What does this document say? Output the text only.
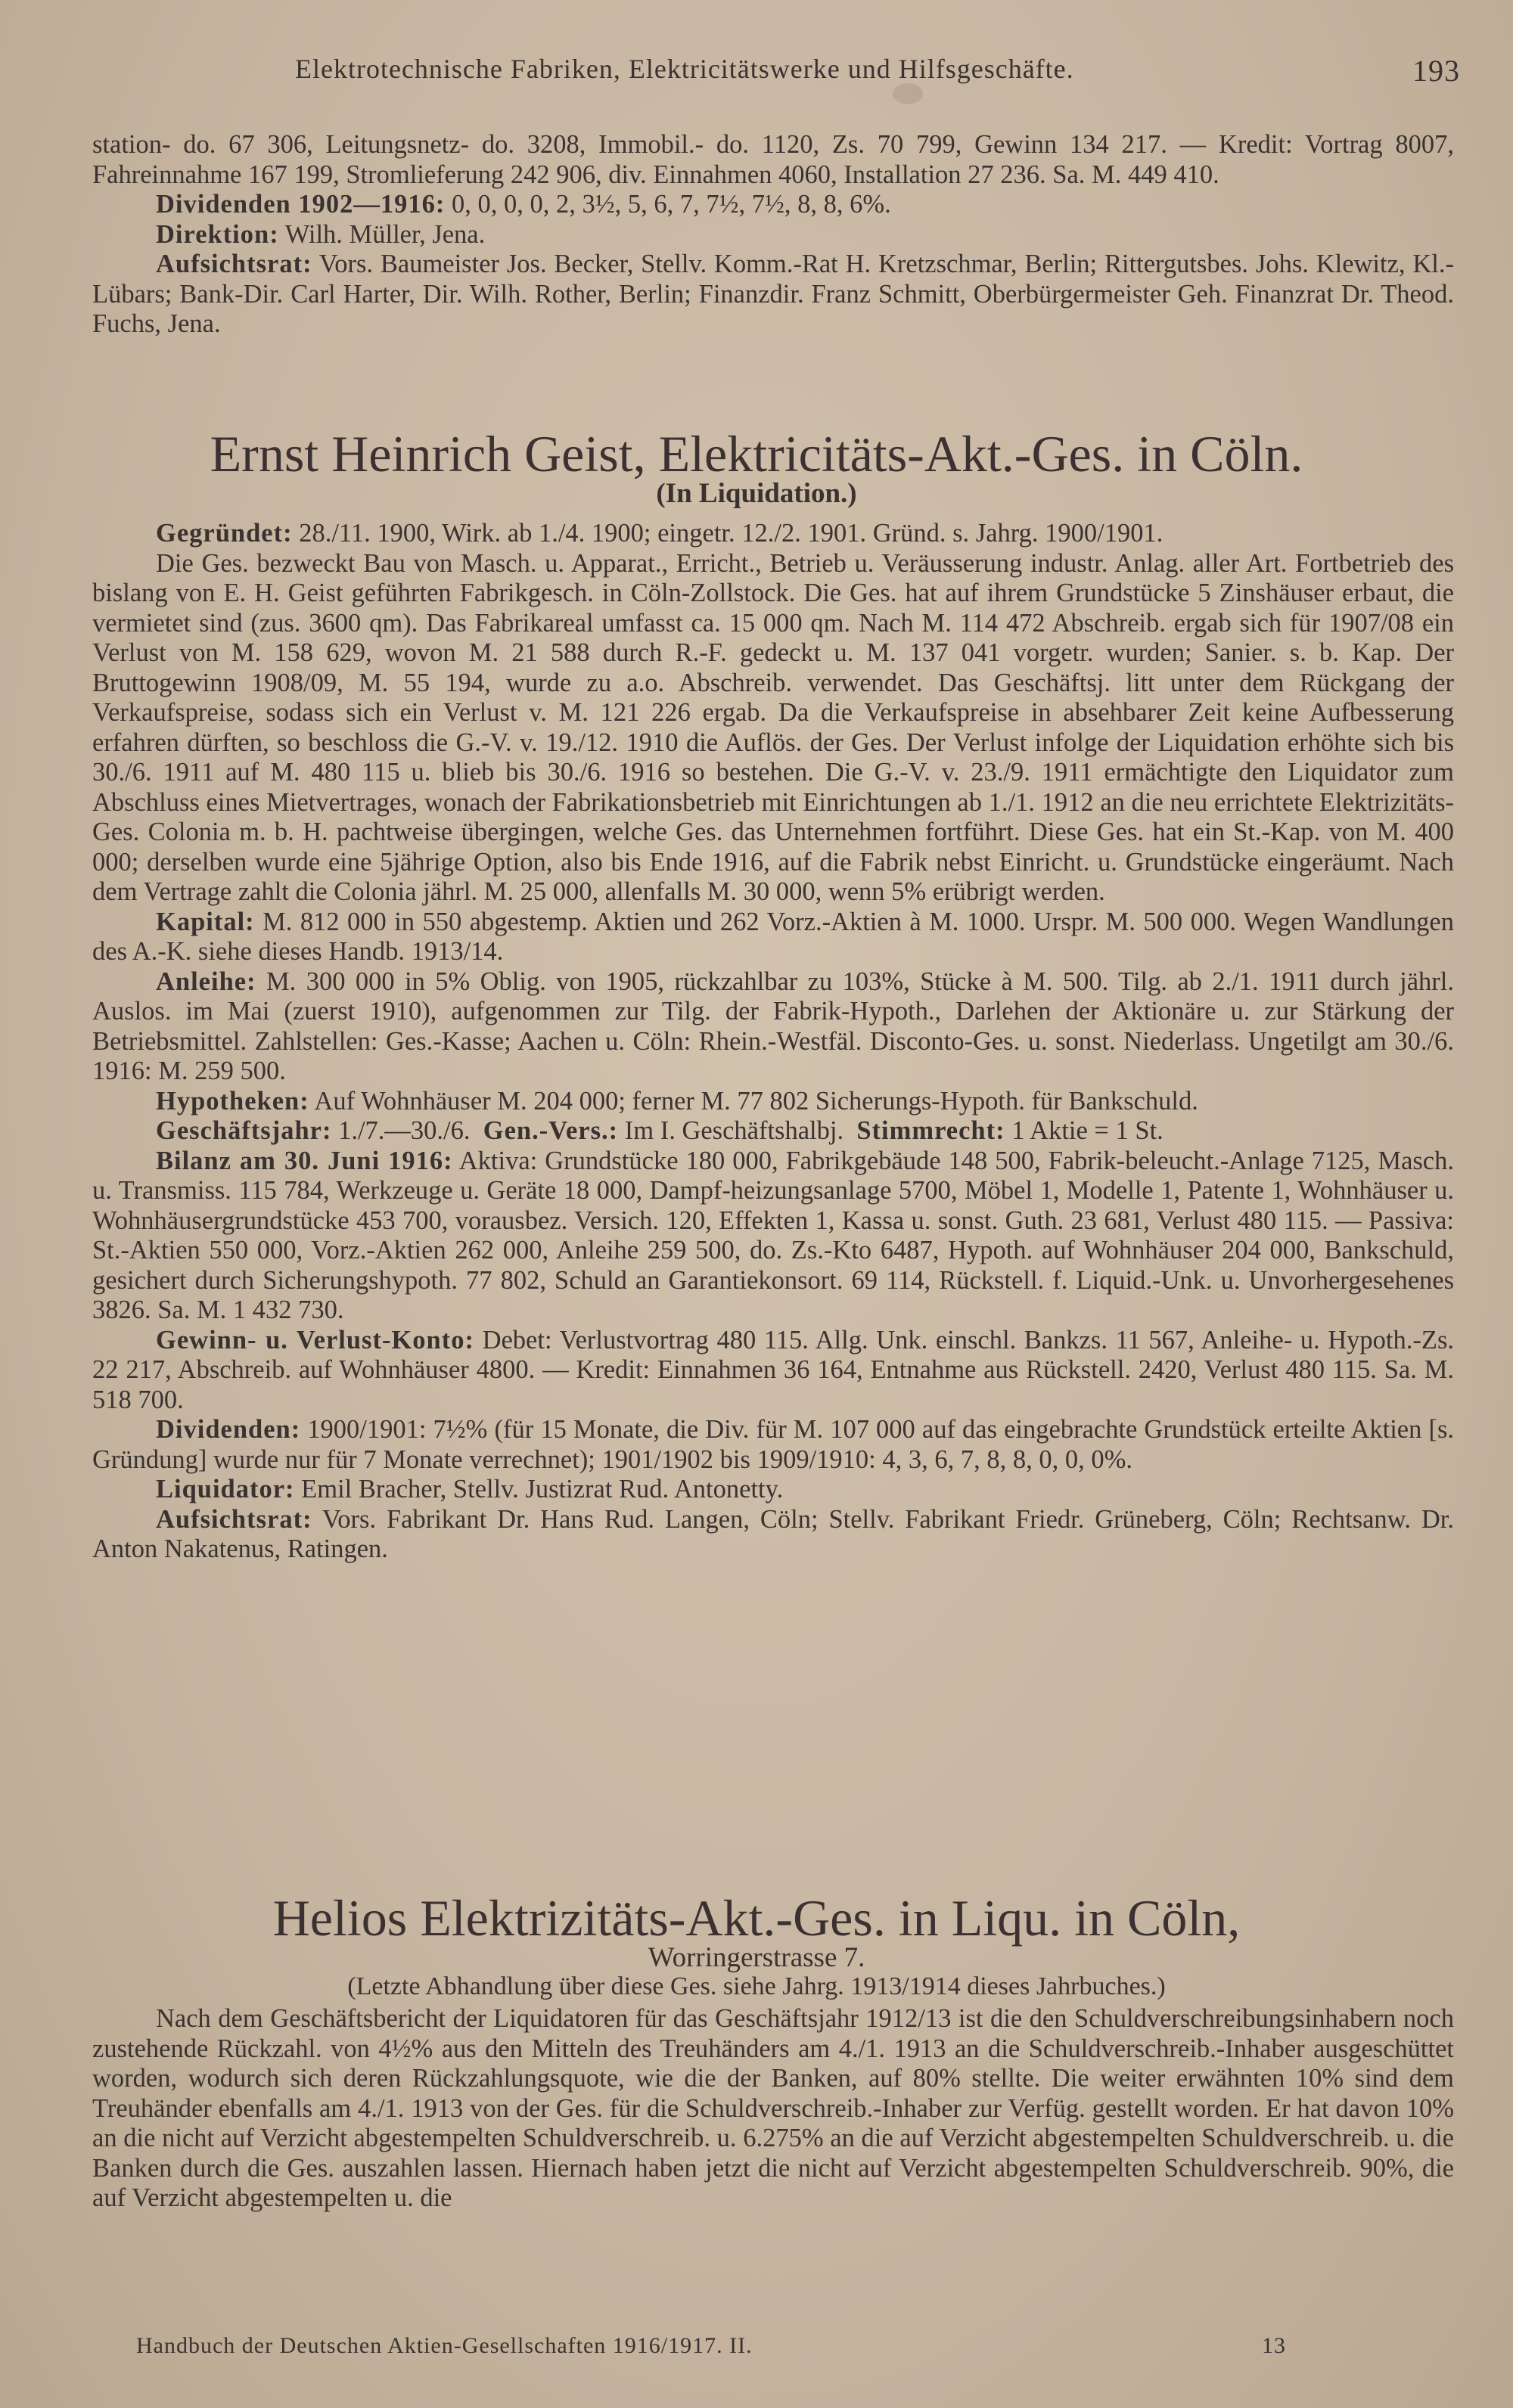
Elektrotechnische Fabriken, Elektricitätswerke und Hilfsgeschäfte.	193

station- do. 67 306, Leitungsnetz- do. 3208, Immobil.- do. 1120, Zs. 70 799, Gewinn 134 217. — Kredit: Vortrag 8007, Fahreinnahme 167 199, Stromlieferung 242 906, div. Einnahmen 4060, Installation 27 236. Sa. M. 449 410.

Dividenden 1902—1916: 0, 0, 0, 0, 2, 3½, 5, 6, 7, 7½, 7½, 8, 8, 6%.

Direktion: Wilh. Müller, Jena.

Aufsichtsrat: Vors. Baumeister Jos. Becker, Stellv. Komm.-Rat H. Kretzschmar, Berlin; Rittergutsbes. Johs. Klewitz, Kl.-Lübars; Bank-Dir. Carl Harter, Dir. Wilh. Rother, Berlin; Finanzdir. Franz Schmitt, Oberbürgermeister Geh. Finanzrat Dr. Theod. Fuchs, Jena.

Ernst Heinrich Geist, Elektricitäts-Akt.-Ges. in Cöln.
(In Liquidation.)

Gegründet: 28./11. 1900, Wirk. ab 1./4. 1900; eingetr. 12./2. 1901. Gründ. s. Jahrg. 1900/1901.

Die Ges. bezweckt Bau von Masch. u. Apparat., Erricht., Betrieb u. Veräusserung industr. Anlag. aller Art. Fortbetrieb des bislang von E. H. Geist geführten Fabrikgesch. in Cöln-Zollstock. Die Ges. hat auf ihrem Grundstücke 5 Zinshäuser erbaut, die vermietet sind (zus. 3600 qm). Das Fabrikareal umfasst ca. 15 000 qm. Nach M. 114 472 Abschreib. ergab sich für 1907/08 ein Verlust von M. 158 629, wovon M. 21 588 durch R.-F. gedeckt u. M. 137 041 vorgetr. wurden; Sanier. s. b. Kap. Der Bruttogewinn 1908/09, M. 55 194, wurde zu a.o. Abschreib. verwendet. Das Geschäftsj. litt unter dem Rückgang der Verkaufspreise, sodass sich ein Verlust v. M. 121 226 ergab. Da die Verkaufspreise in absehbarer Zeit keine Aufbesserung erfahren dürften, so beschloss die G.-V. v. 19./12. 1910 die Auflös. der Ges. Der Verlust infolge der Liquidation erhöhte sich bis 30./6. 1911 auf M. 480 115 u. blieb bis 30./6. 1916 so bestehen. Die G.-V. v. 23./9. 1911 ermächtigte den Liquidator zum Abschluss eines Mietvertrages, wonach der Fabrikationsbetrieb mit Einrichtungen ab 1./1. 1912 an die neu errichtete Elektrizitäts-Ges. Colonia m. b. H. pachtweise übergingen, welche Ges. das Unternehmen fortführt. Diese Ges. hat ein St.-Kap. von M. 400 000; derselben wurde eine 5jährige Option, also bis Ende 1916, auf die Fabrik nebst Einricht. u. Grundstücke eingeräumt. Nach dem Vertrage zahlt die Colonia jährl. M. 25 000, allenfalls M. 30 000, wenn 5% erübrigt werden.

Kapital: M. 812 000 in 550 abgestemp. Aktien und 262 Vorz.-Aktien à M. 1000. Urspr. M. 500 000. Wegen Wandlungen des A.-K. siehe dieses Handb. 1913/14.

Anleihe: M. 300 000 in 5% Oblig. von 1905, rückzahlbar zu 103%, Stücke à M. 500. Tilg. ab 2./1. 1911 durch jährl. Auslos. im Mai (zuerst 1910), aufgenommen zur Tilg. der Fabrik-Hypoth., Darlehen der Aktionäre u. zur Stärkung der Betriebsmittel. Zahlstellen: Ges.-Kasse; Aachen u. Cöln: Rhein.-Westfäl. Disconto-Ges. u. sonst. Niederlass. Ungetilgt am 30./6. 1916: M. 259 500.

Hypotheken: Auf Wohnhäuser M. 204 000; ferner M. 77 802 Sicherungs-Hypoth. für Bankschuld.

Geschäftsjahr: 1./7.—30./6. Gen.-Vers.: Im I. Geschäftshalbj. Stimmrecht: 1 Aktie = 1 St.

Bilanz am 30. Juni 1916: Aktiva: Grundstücke 180 000, Fabrikgebäude 148 500, Fabrik-beleucht.-Anlage 7125, Masch. u. Transmiss. 115 784, Werkzeuge u. Geräte 18 000, Dampf-heizungsanlage 5700, Möbel 1, Modelle 1, Patente 1, Wohnhäuser u. Wohnhäusergrundstücke 453 700, vorausbez. Versich. 120, Effekten 1, Kassa u. sonst. Guth. 23 681, Verlust 480 115. — Passiva: St.-Aktien 550 000, Vorz.-Aktien 262 000, Anleihe 259 500, do. Zs.-Kto 6487, Hypoth. auf Wohnhäuser 204 000, Bankschuld, gesichert durch Sicherungshypoth. 77 802, Schuld an Garantiekonsort. 69 114, Rückstell. f. Liquid.-Unk. u. Unvorhergesehenes 3826. Sa. M. 1 432 730.

Gewinn- u. Verlust-Konto: Debet: Verlustvortrag 480 115. Allg. Unk. einschl. Bankzs. 11 567, Anleihe- u. Hypoth.-Zs. 22 217, Abschreib. auf Wohnhäuser 4800. — Kredit: Einnahmen 36 164, Entnahme aus Rückstell. 2420, Verlust 480 115. Sa. M. 518 700.

Dividenden: 1900/1901: 7½% (für 15 Monate, die Div. für M. 107 000 auf das eingebrachte Grundstück erteilte Aktien [s. Gründung] wurde nur für 7 Monate verrechnet); 1901/1902 bis 1909/1910: 4, 3, 6, 7, 8, 8, 0, 0, 0%.

Liquidator: Emil Bracher, Stellv. Justizrat Rud. Antonetty.

Aufsichtsrat: Vors. Fabrikant Dr. Hans Rud. Langen, Cöln; Stellv. Fabrikant Friedr. Grüneberg, Cöln; Rechtsanw. Dr. Anton Nakatenus, Ratingen.

Helios Elektrizitäts-Akt.-Ges. in Liqu. in Cöln,
Worringerstrasse 7.
(Letzte Abhandlung über diese Ges. siehe Jahrg. 1913/1914 dieses Jahrbuches.)

Nach dem Geschäftsbericht der Liquidatoren für das Geschäftsjahr 1912/13 ist die den Schuldverschreibungsinhabern noch zustehende Rückzahl. von 4½% aus den Mitteln des Treuhänders am 4./1. 1913 an die Schuldverschreib.-Inhaber ausgeschüttet worden, wodurch sich deren Rückzahlungsquote, wie die der Banken, auf 80% stellte. Die weiter erwähnten 10% sind dem Treuhänder ebenfalls am 4./1. 1913 von der Ges. für die Schuldverschreib.-Inhaber zur Verfüg. gestellt worden. Er hat davon 10% an die nicht auf Verzicht abgestempelten Schuldverschreib. u. 6.275% an die auf Verzicht abgestempelten Schuldverschreib. u. die Banken durch die Ges. auszahlen lassen. Hiernach haben jetzt die nicht auf Verzicht abgestempelten Schuldverschreib. 90%, die auf Verzicht abgestempelten u. die

Handbuch der Deutschen Aktien-Gesellschaften 1916/1917. II.	13
